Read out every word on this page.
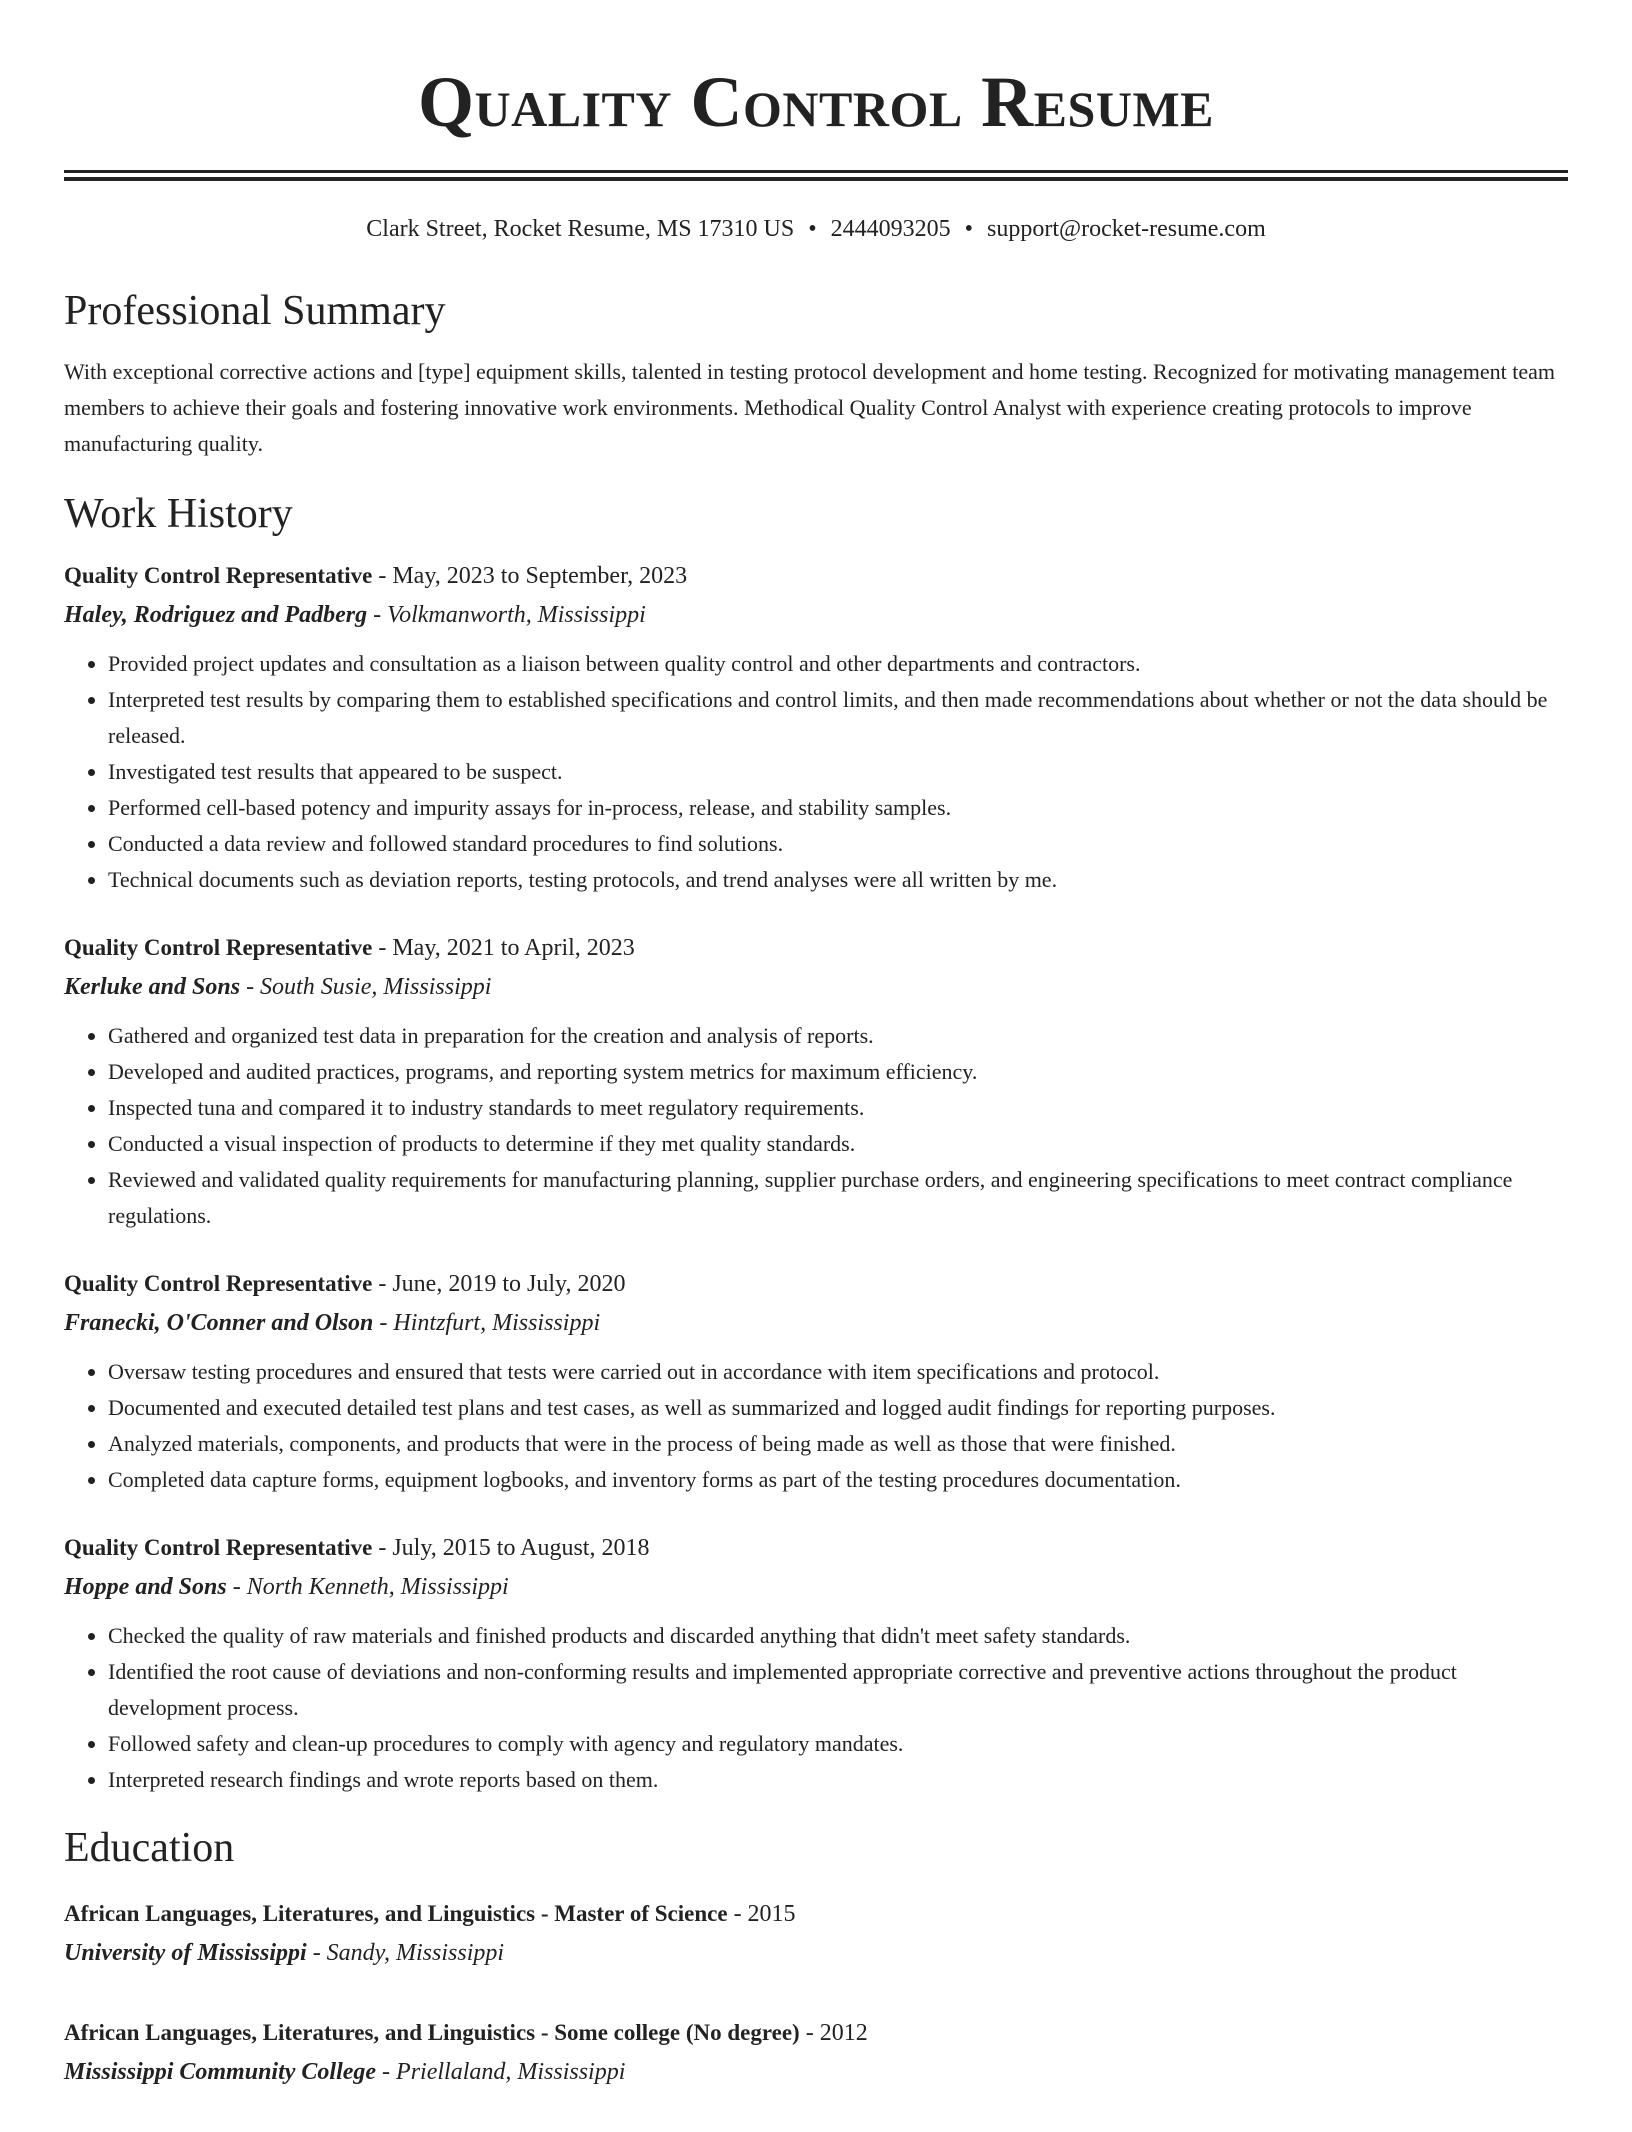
Quality Control Resume
Clark Street, Rocket Resume, MS 17310 US • 2444093205 • support@rocket-resume.com
Professional Summary

With exceptional corrective actions and [type] equipment skills, talented in testing protocol development and home testing. Recognized for motivating management team members to achieve their goals and fostering innovative work environments. Methodical Quality Control Analyst with experience creating protocols to improve manufacturing quality.

Work History
Quality Control Representative - May, 2023 to September, 2023
Haley, Rodriguez and Padberg - Volkmanworth, Mississippi
• Provided project updates and consultation as a liaison between quality control and other departments and contractors.
• Interpreted test results by comparing them to established specifications and control limits, and then made recommendations about whether or not the data should be released.
• Investigated test results that appeared to be suspect.
• Performed cell-based potency and impurity assays for in-process, release, and stability samples.
• Conducted a data review and followed standard procedures to find solutions.
• Technical documents such as deviation reports, testing protocols, and trend analyses were all written by me.
Quality Control Representative - May, 2021 to April, 2023
Kerluke and Sons - South Susie, Mississippi
• Gathered and organized test data in preparation for the creation and analysis of reports.
• Developed and audited practices, programs, and reporting system metrics for maximum efficiency.
• Inspected tuna and compared it to industry standards to meet regulatory requirements.
• Conducted a visual inspection of products to determine if they met quality standards.
• Reviewed and validated quality requirements for manufacturing planning, supplier purchase orders, and engineering specifications to meet contract compliance regulations.
Quality Control Representative - June, 2019 to July, 2020
Franecki, O'Conner and Olson - Hintzfurt, Mississippi
• Oversaw testing procedures and ensured that tests were carried out in accordance with item specifications and protocol.
• Documented and executed detailed test plans and test cases, as well as summarized and logged audit findings for reporting purposes.
• Analyzed materials, components, and products that were in the process of being made as well as those that were finished.
• Completed data capture forms, equipment logbooks, and inventory forms as part of the testing procedures documentation.
Quality Control Representative - July, 2015 to August, 2018
Hoppe and Sons - North Kenneth, Mississippi
• Checked the quality of raw materials and finished products and discarded anything that didn't meet safety standards.
• Identified the root cause of deviations and non-conforming results and implemented appropriate corrective and preventive actions throughout the product development process.
• Followed safety and clean-up procedures to comply with agency and regulatory mandates.
• Interpreted research findings and wrote reports based on them.
Education
African Languages, Literatures, and Linguistics - Master of Science - 2015
University of Mississippi - Sandy, Mississippi
African Languages, Literatures, and Linguistics - Some college (No degree) - 2012
Mississippi Community College - Priellaland, Mississippi
